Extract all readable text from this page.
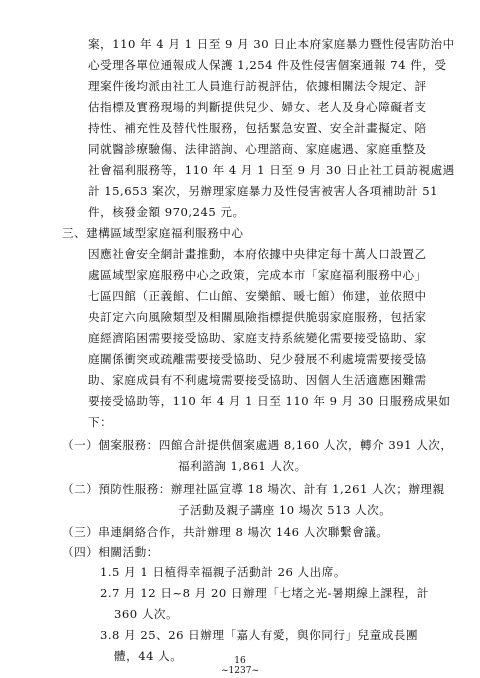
案，110 年 4 月 1 日至 9 月 30 日止本府家庭暴力暨性侵害防治中

心受理各單位通報成人保護 1,254 件及性侵害個案通報 74 件，受

理案件後均派由社工人員進行訪視評估，依據相關法令規定、評

估指標及實務現場的判斷提供兒少、婦女、老人及身心障礙者支

持性、補充性及替代性服務，包括緊急安置、安全計畫擬定、陪

同就醫診療驗傷、法律諮詢、心理諮商、家庭處遇、家庭重整及

社會福利服務等，110 年 4 月 1 日至 9 月 30 日止社工員訪視處遇

計 15,653 案次，另辦理家庭暴力及性侵害被害人各項補助計 51

件，核發金額 970,245 元。

三、建構區域型家庭福利服務中心

因應社會安全網計畫推動，本府依據中央律定每十萬人口設置乙

處區域型家庭服務中心之政策，完成本市「家庭福利服務中心」

七區四館（正義館、仁山館、安樂館、暖七館）佈建，並依照中

央訂定六向風險類型及相關風險指標提供脆弱家庭服務，包括家

庭經濟陷困需要接受協助、家庭支持系統變化需要接受協助、家

庭關係衝突或疏離需要接受協助、兒少發展不利處境需要接受協

助、家庭成員有不利處境需要接受協助、因個人生活適應困難需

要接受協助等，110 年 4 月 1 日至 110 年 9 月 30 日服務成果如

下：

（一）個案服務：四館合計提供個案處遇 8,160 人次，轉介 391 人次，

福利諮詢 1,861 人次。

（二）預防性服務：辦理社區宣導 18 場次、計有 1,261 人次；辦理親

子活動及親子講座 10 場次 513 人次。

（三）串連網絡合作，共計辦理 8 場次 146 人次聯繫會議。

（四）相關活動：

1.5 月 1 日植得幸福親子活動計 26 人出席。

2.7 月 12 日~8 月 20 日辦理「七堵之光-暑期線上課程，計

360 人次。

3.8 月 25、26 日辦理「嘉人有愛，與你同行」兒童成長團

體，44 人。	16

~1237~
